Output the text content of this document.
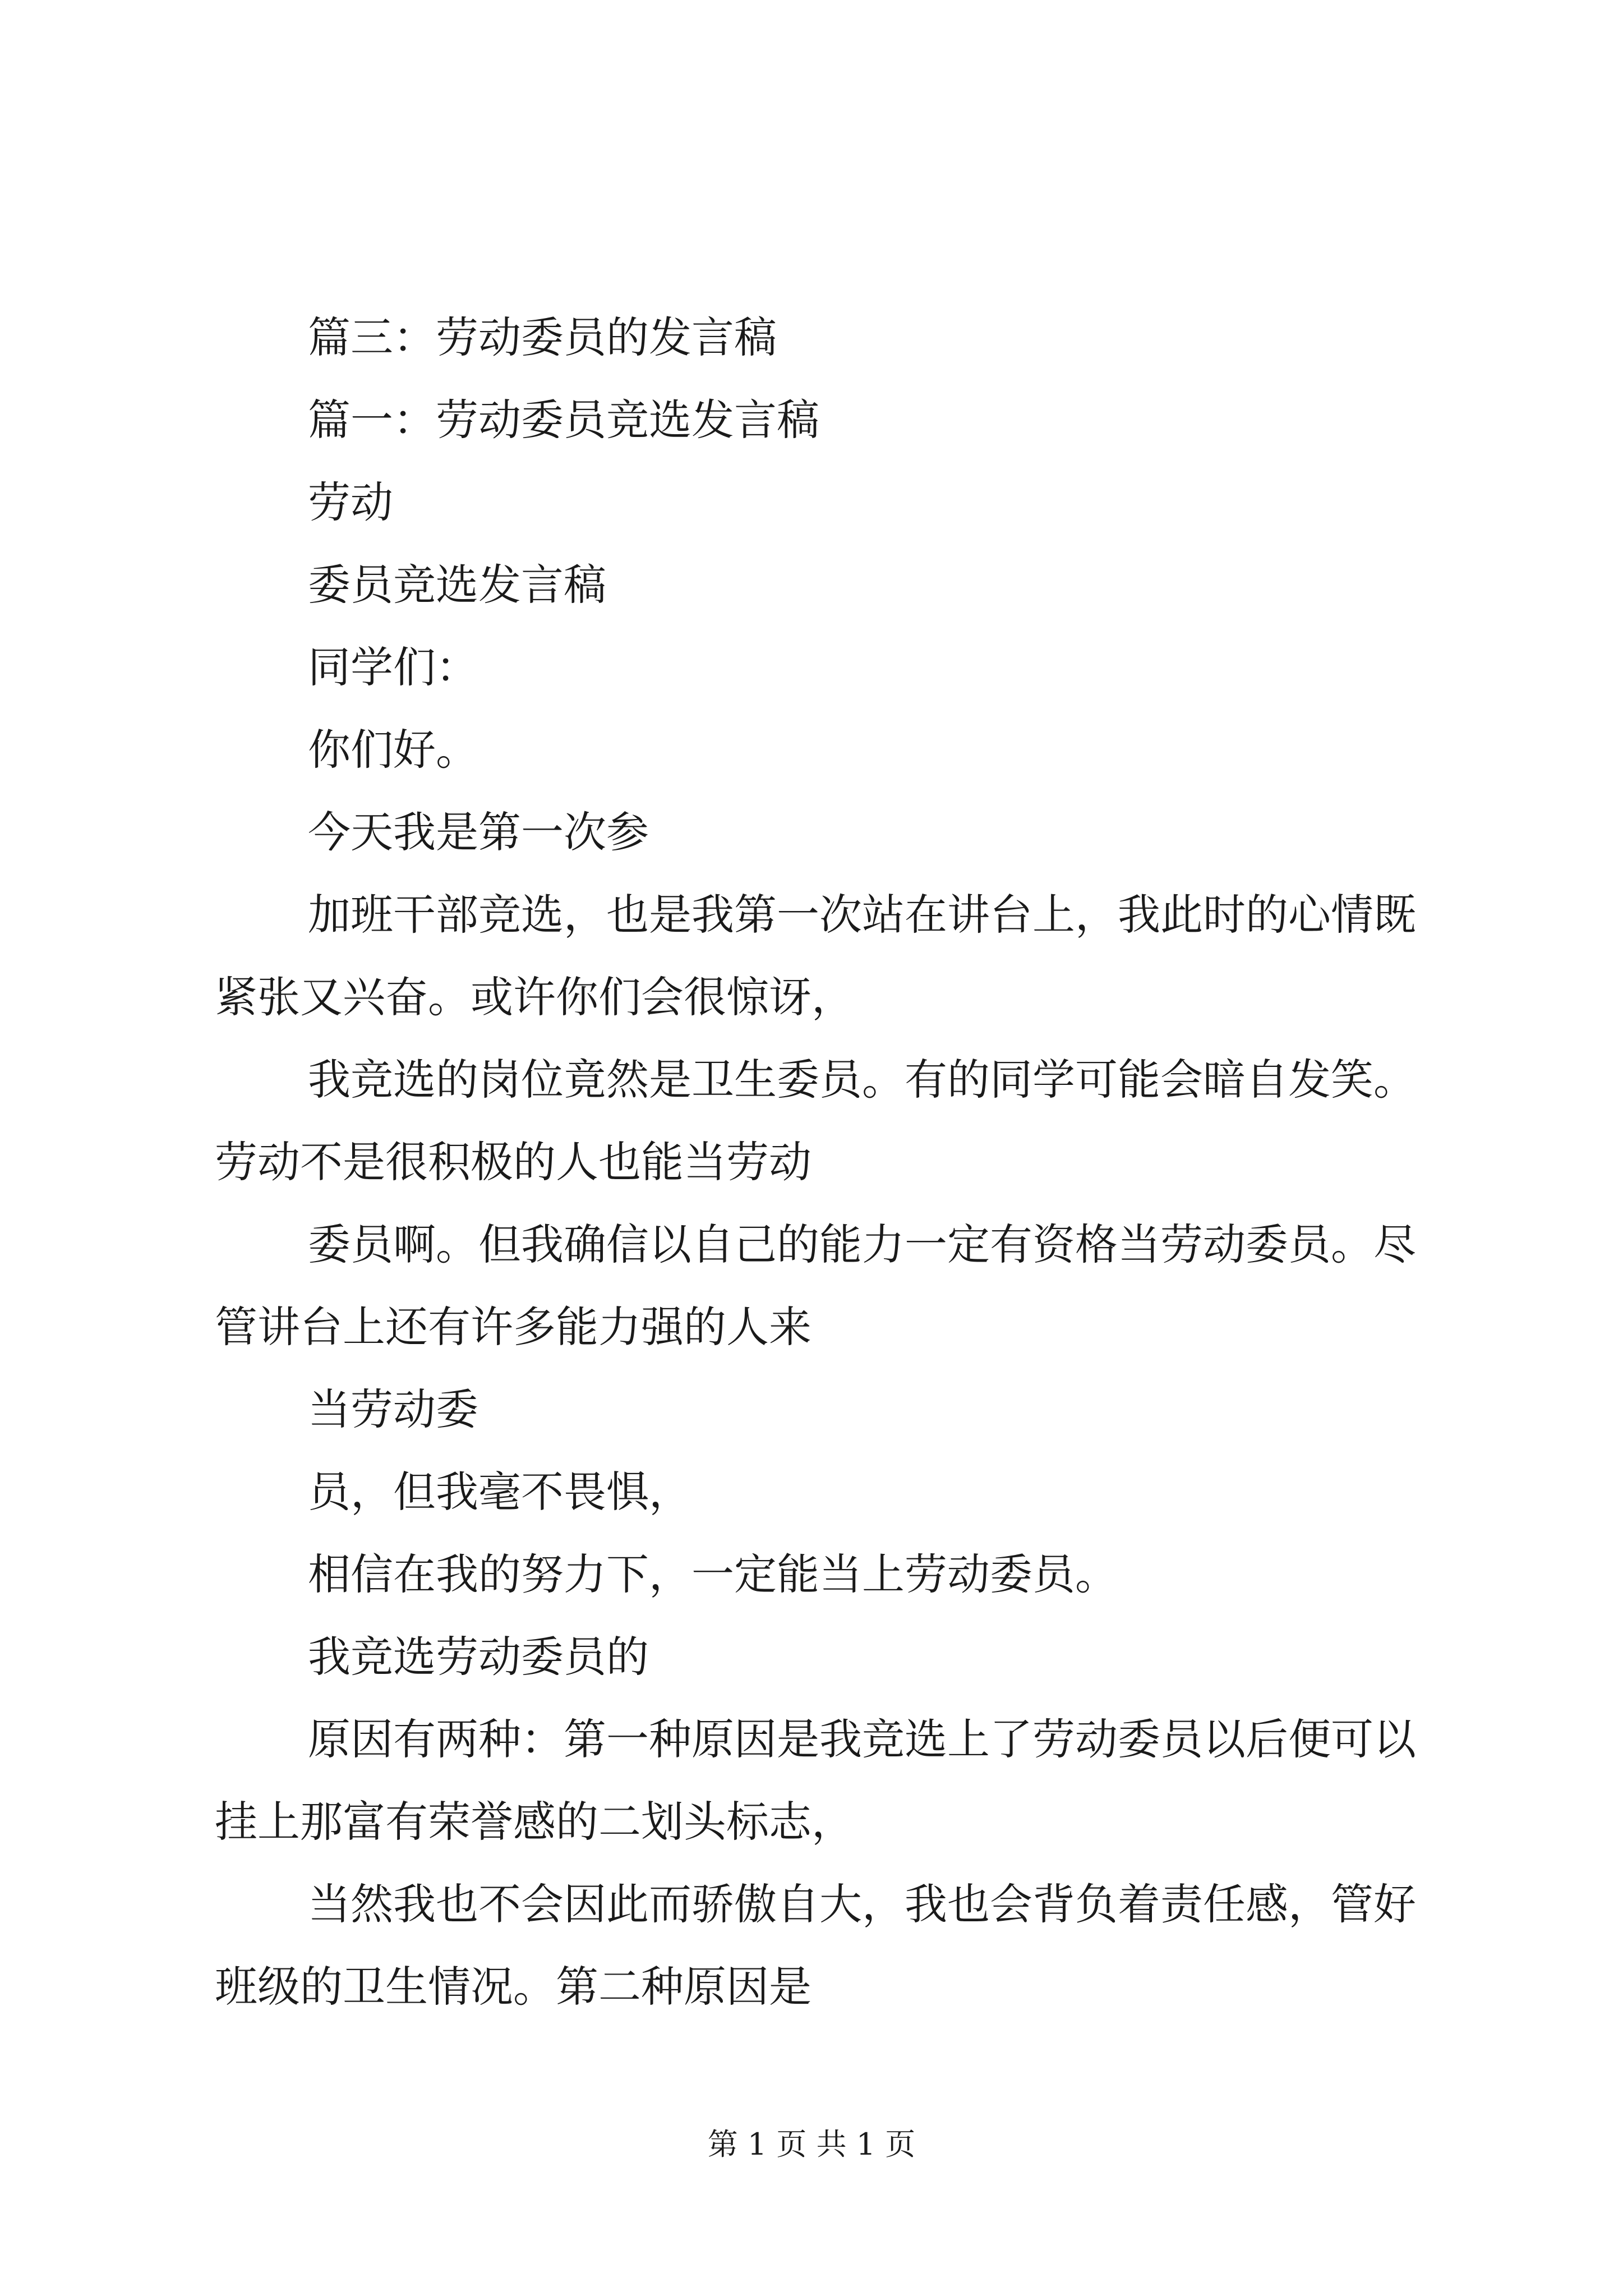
篇三：劳动委员的发言稿

篇一：劳动委员竞选发言稿

劳动

委员竞选发言稿

同学们：

你们好。

今天我是第一次参

加班干部竞选，也是我第一次站在讲台上，我此时的心情既
紧张又兴奋。或许你们会很惊讶，

我竞选的岗位竟然是卫生委员。有的同学可能会暗自发笑。
劳动不是很积极的人也能当劳动

委员啊。但我确信以自己的能力一定有资格当劳动委员。尽
管讲台上还有许多能力强的人来

当劳动委

员，但我毫不畏惧，

相信在我的努力下，一定能当上劳动委员。

我竞选劳动委员的

原因有两种：第一种原因是我竞选上了劳动委员以后便可以
挂上那富有荣誉感的二划头标志，

当然我也不会因此而骄傲自大，我也会背负着责任感，管好
班级的卫生情况。第二种原因是

第 1 页 共 1 页
